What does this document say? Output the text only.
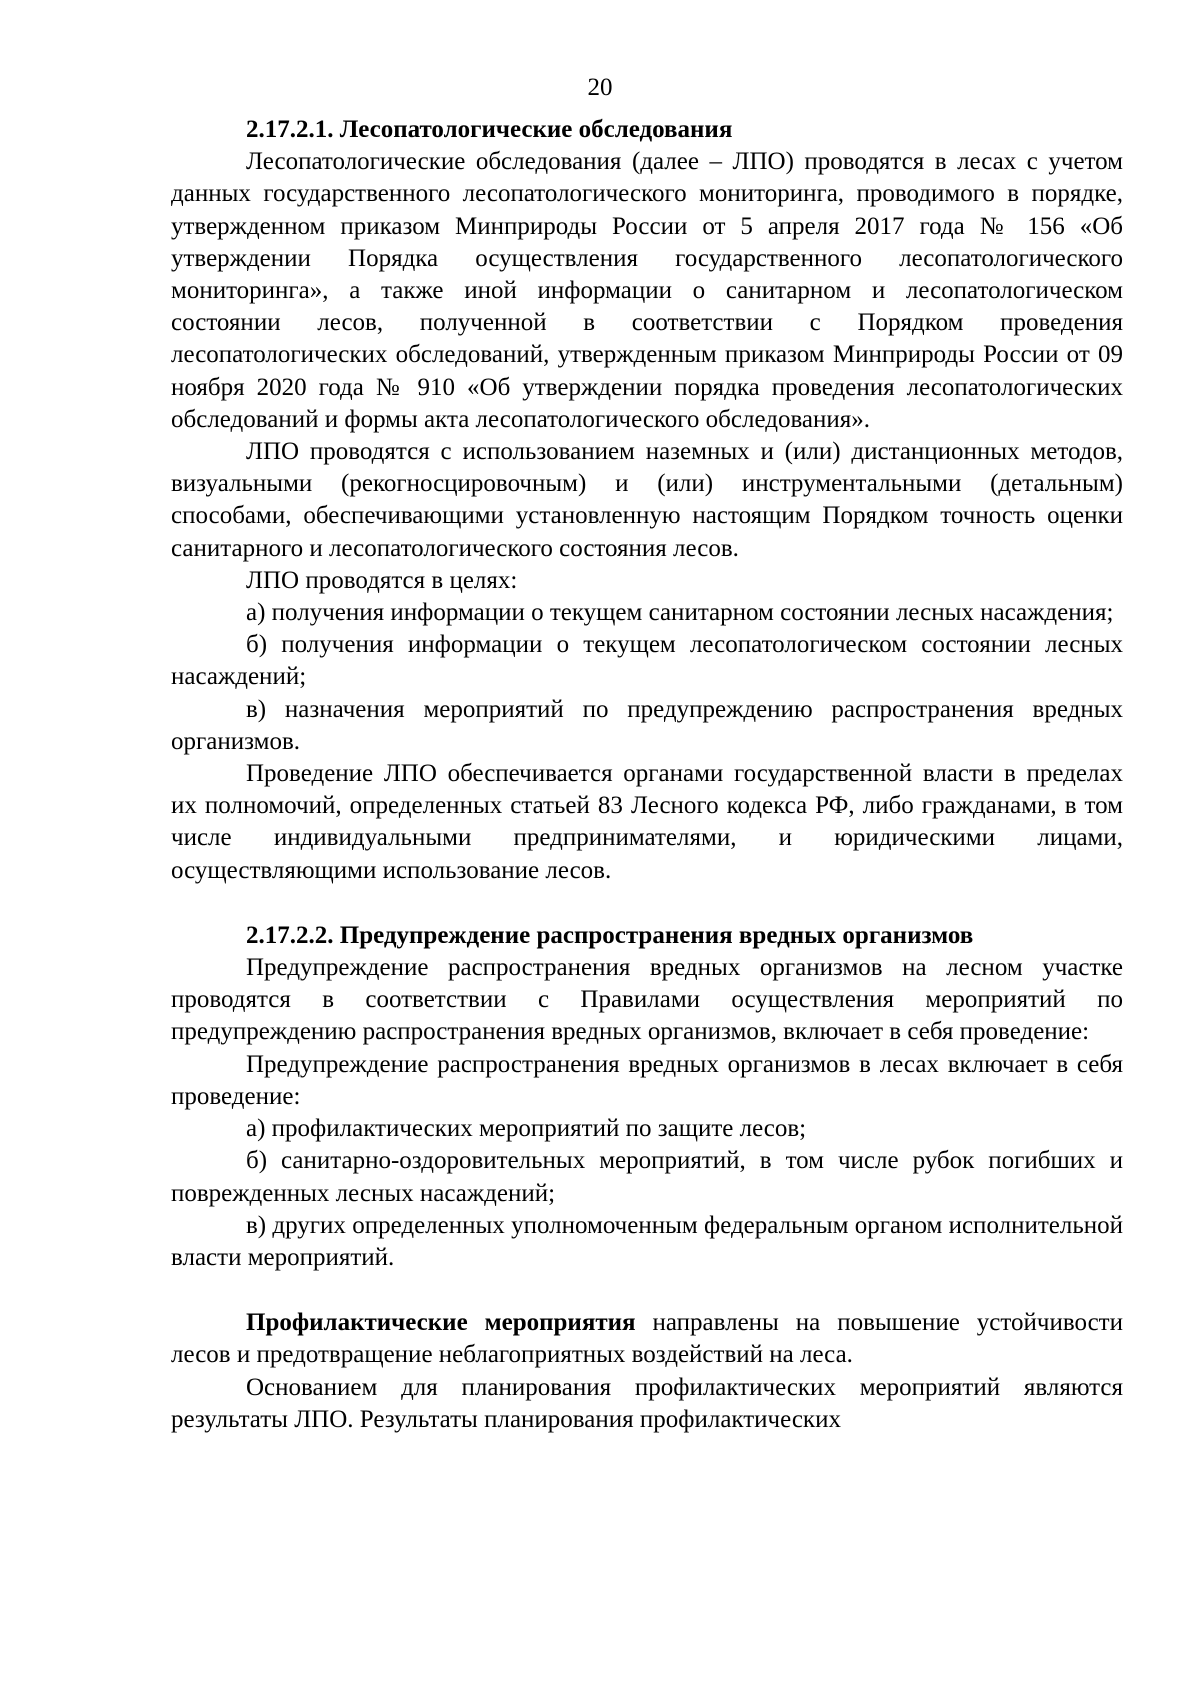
20

2.17.2.1. Лесопатологические обследования

Лесопатологические обследования (далее – ЛПО) проводятся в лесах с учетом данных государственного лесопатологического мониторинга, проводимого в порядке, утвержденном приказом Минприроды России от 5 апреля 2017 года № 156 «Об утверждении Порядка осуществления государственного лесопатологического мониторинга», а также иной информации о санитарном и лесопатологическом состоянии лесов, полученной в соответствии с Порядком проведения лесопатологических обследований, утвержденным приказом Минприроды России от 09 ноября 2020 года № 910 «Об утверждении порядка проведения лесопатологических обследований и формы акта лесопатологического обследования».

ЛПО проводятся с использованием наземных и (или) дистанционных методов, визуальными (рекогносцировочным) и (или) инструментальными (детальным) способами, обеспечивающими установленную настоящим Порядком точность оценки санитарного и лесопатологического состояния лесов.

ЛПО проводятся в целях:

а) получения информации о текущем санитарном состоянии лесных насаждения;

б) получения информации о текущем лесопатологическом состоянии лесных насаждений;

в) назначения мероприятий по предупреждению распространения вредных организмов.

Проведение ЛПО обеспечивается органами государственной власти в пределах их полномочий, определенных статьей 83 Лесного кодекса РФ, либо гражданами, в том числе индивидуальными предпринимателями, и юридическими лицами, осуществляющими использование лесов.

2.17.2.2. Предупреждение распространения вредных организмов

Предупреждение распространения вредных организмов на лесном участке проводятся в соответствии с Правилами осуществления мероприятий по предупреждению распространения вредных организмов, включает в себя проведение:

Предупреждение распространения вредных организмов в лесах включает в себя проведение:

а) профилактических мероприятий по защите лесов;

б) санитарно-оздоровительных мероприятий, в том числе рубок погибших и поврежденных лесных насаждений;

в) других определенных уполномоченным федеральным органом исполнительной власти мероприятий.

Профилактические мероприятия направлены на повышение устойчивости лесов и предотвращение неблагоприятных воздействий на леса.

Основанием для планирования профилактических мероприятий являются результаты ЛПО. Результаты планирования профилактических
